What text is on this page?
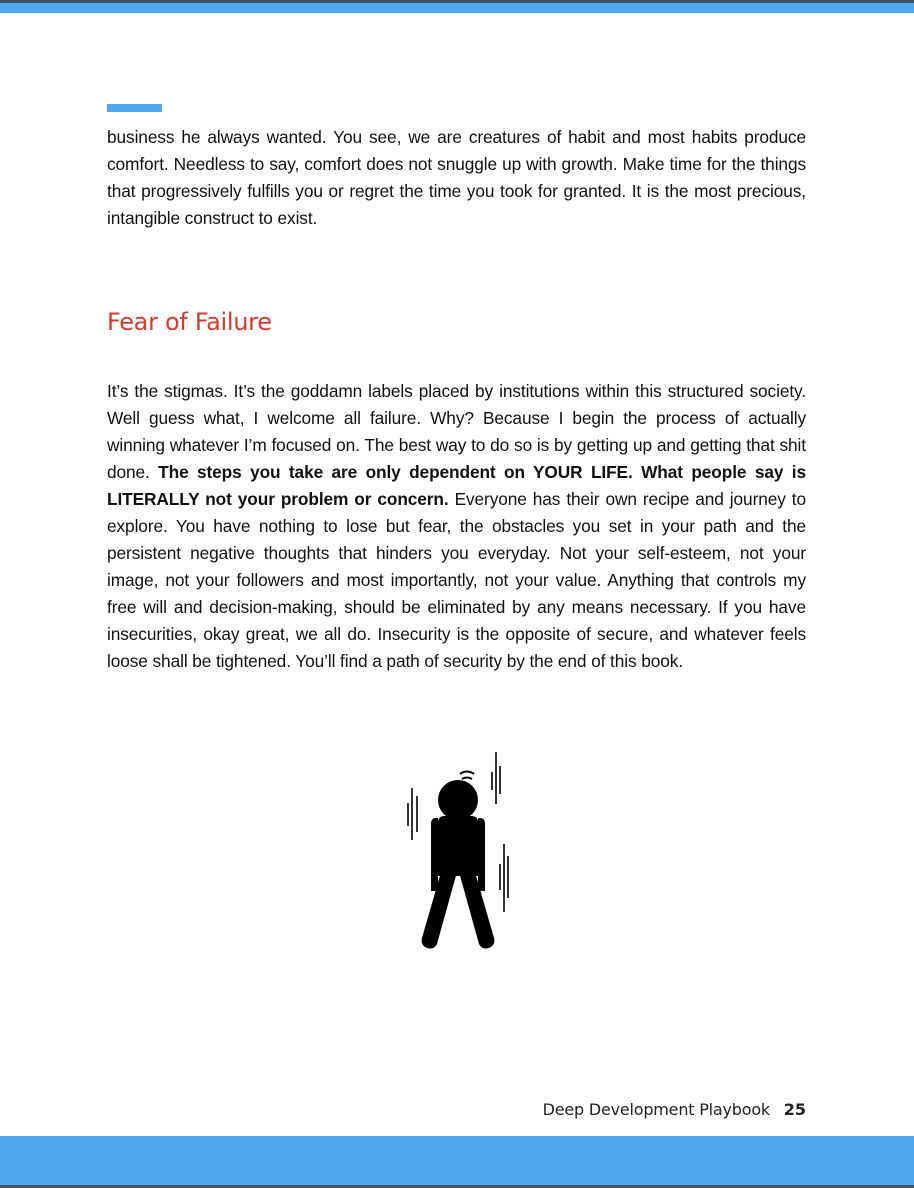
business he always wanted. You see, we are creatures of habit and most habits produce comfort. Needless to say, comfort does not snuggle up with growth. Make time for the things that progressively fulfills you or regret the time you took for granted. It is the most precious, intangible construct to exist.

Fear of Failure

It’s the stigmas. It’s the goddamn labels placed by institutions within this structured society. Well guess what, I welcome all failure. Why? Because I begin the process of actually winning whatever I’m focused on. The best way to do so is by getting up and getting that shit done. The steps you take are only dependent on YOUR LIFE. What people say is LITERALLY not your problem or concern. Everyone has their own recipe and journey to explore. You have nothing to lose but fear, the obstacles you set in your path and the persistent negative thoughts that hinders you everyday. Not your self-esteem, not your image, not your followers and most importantly, not your value. Anything that controls my free will and decision-making, should be eliminated by any means necessary. If you have insecurities, okay great, we all do. Insecurity is the opposite of secure, and whatever feels loose shall be tightened. You’ll find a path of security by the end of this book.

Deep Development Playbook 25
